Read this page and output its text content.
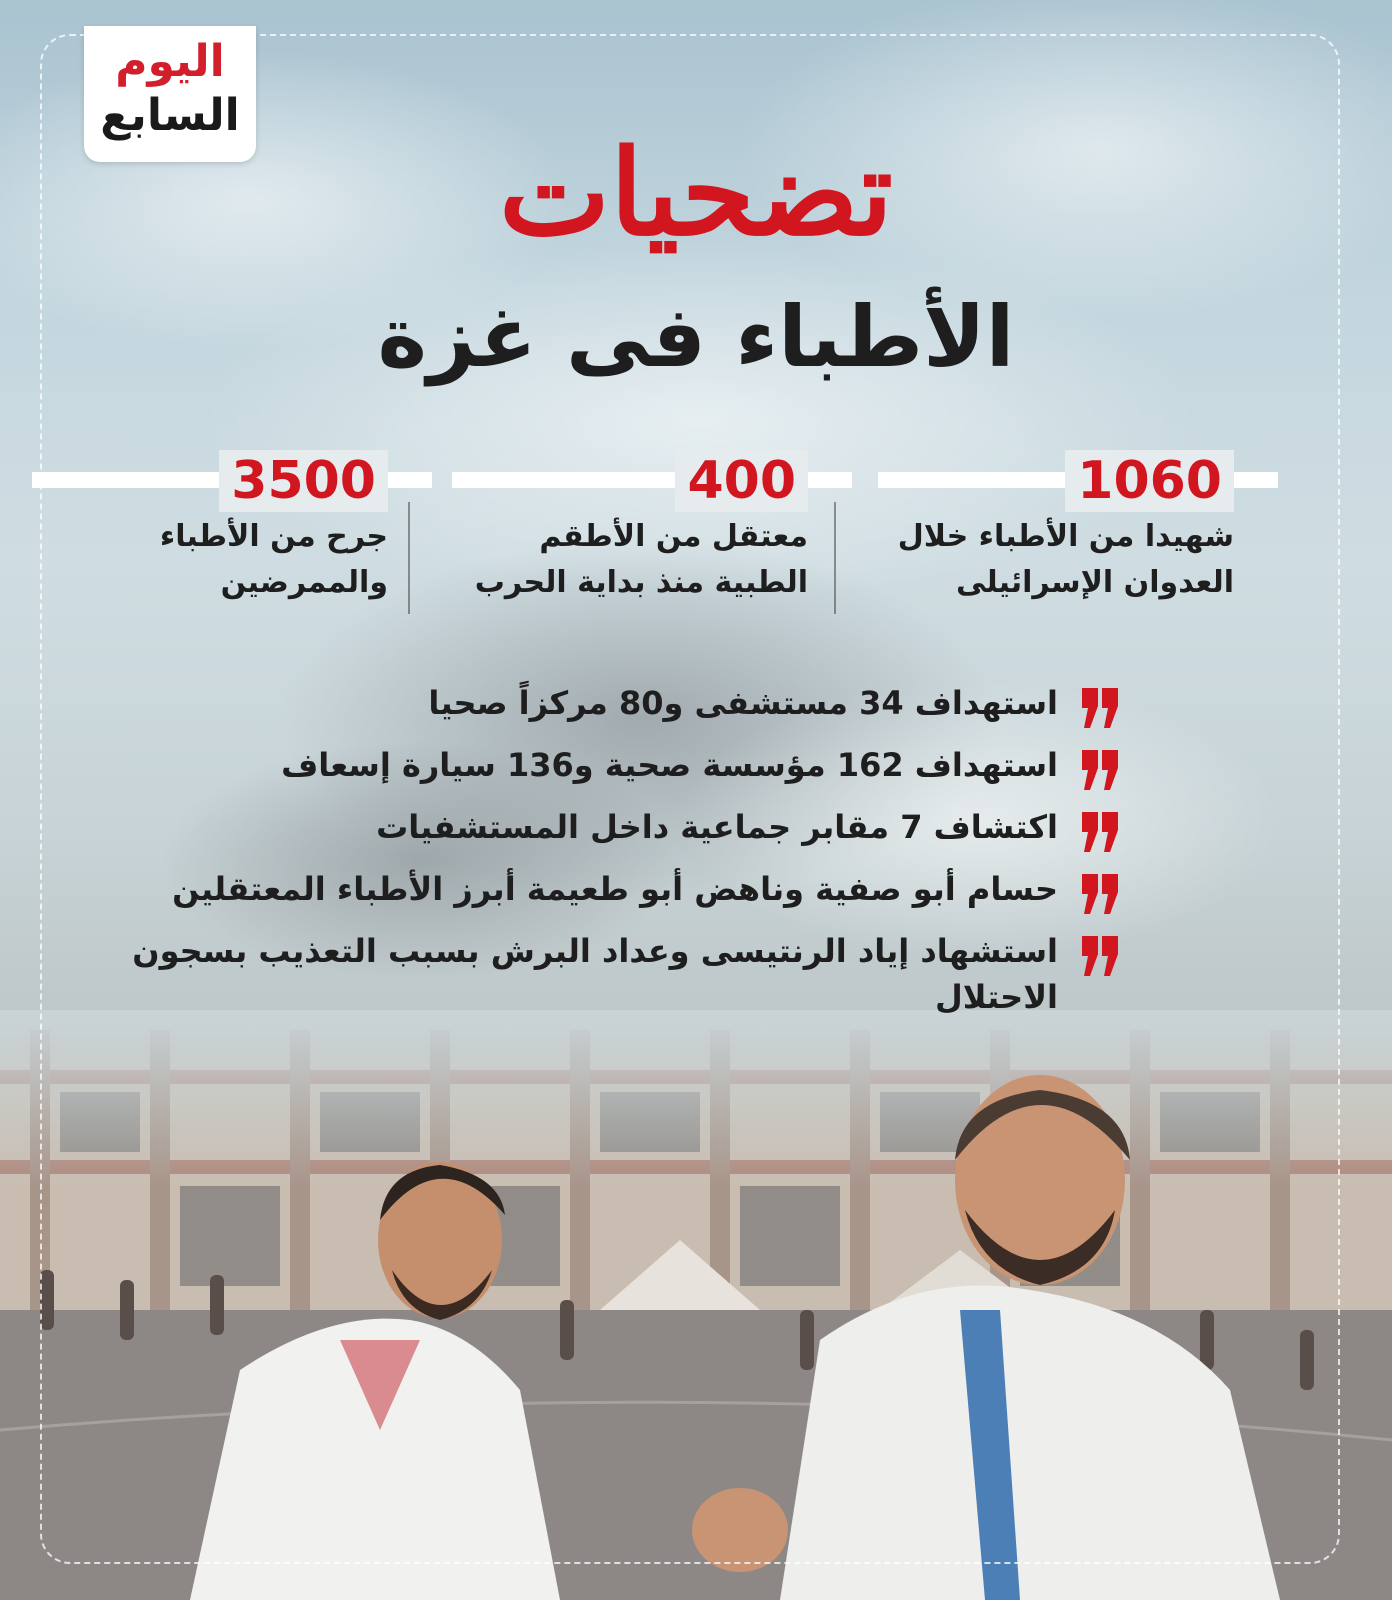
اليوم
السابع
تضحيات
الأطباء فى غزة
1060
شهيدا من الأطباء خلال
العدوان الإسرائيلى
400
معتقل من الأطقم
الطبية منذ بداية الحرب
3500
جرح من الأطباء
والممرضين
استهداف 34 مستشفى و80 مركزاً صحيا
استهداف 162 مؤسسة صحية و136 سيارة إسعاف
اكتشاف 7 مقابر جماعية داخل المستشفيات
حسام أبو صفية وناهض أبو طعيمة أبرز الأطباء المعتقلين
استشهاد إياد الرنتيسى وعداد البرش بسبب التعذيب بسجون الاحتلال
